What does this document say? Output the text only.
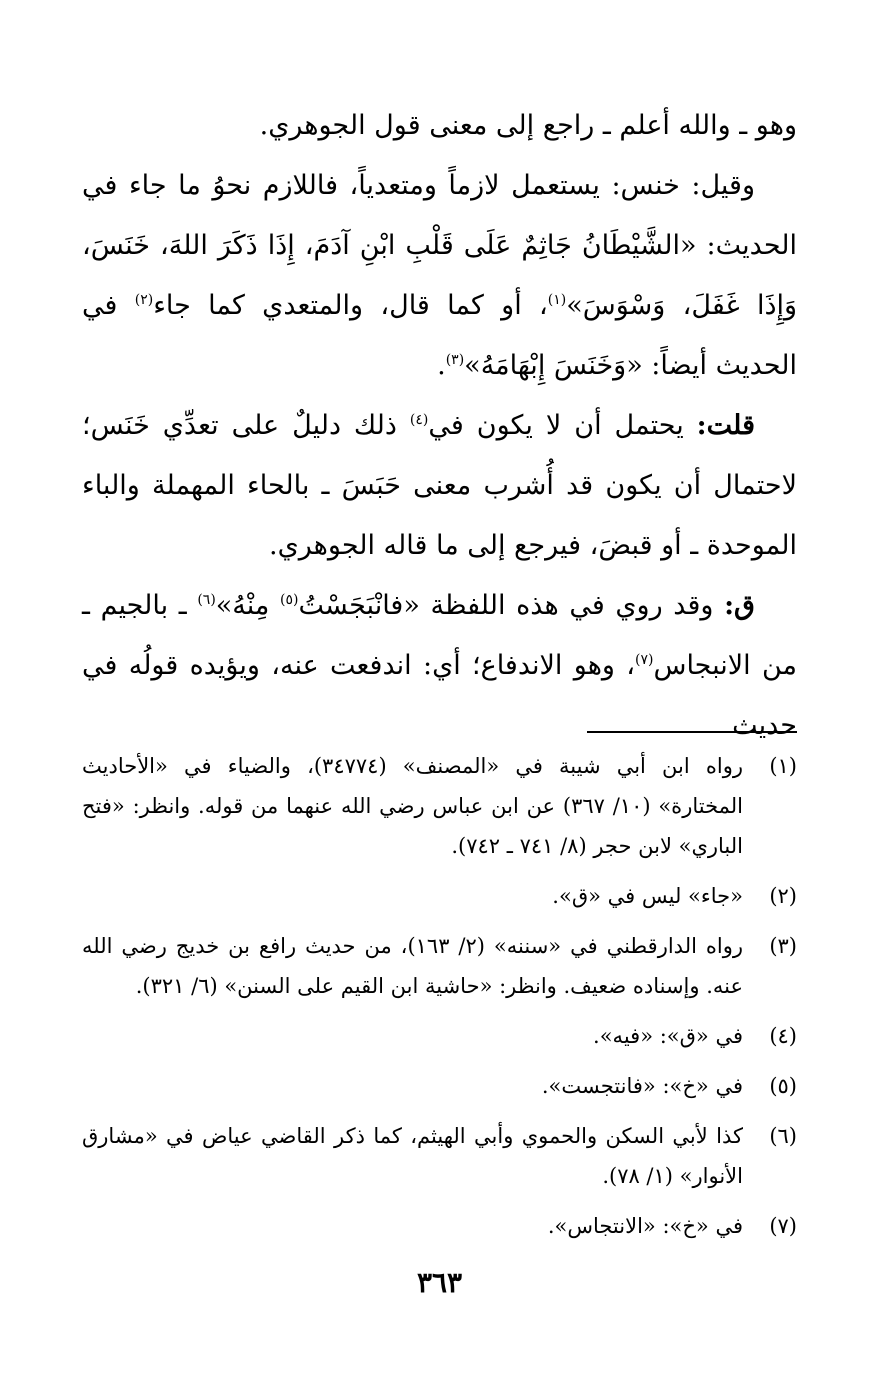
وهو ـ والله أعلم ـ راجع إلى معنى قول الجوهري.

وقيل: خنس: يستعمل لازماً ومتعدياً، فاللازم نحوُ ما جاء في الحديث: «الشَّيْطَانُ جَاثِمٌ عَلَى قَلْبِ ابْنِ آدَمَ، إِذَا ذَكَرَ اللهَ، خَنَسَ، وَإِذَا غَفَلَ، وَسْوَسَ»$^{(١)}$، أو كما قال، والمتعدي كما جاء$^{(٢)}$ في الحديث أيضاً: «وَخَنَسَ إِبْهَامَهُ»$^{(٣)}$.

قلت: يحتمل أن لا يكون في$^{(٤)}$ ذلك دليلٌ على تعدِّي خَنَس؛ لاحتمال أن يكون قد أُشرب معنى حَبَسَ ـ بالحاء المهملة والباء الموحدة ـ أو قبضَ، فيرجع إلى ما قاله الجوهري.

ق: وقد روي في هذه اللفظة «فانْبَجَسْتُ$^{(٥)}$ مِنْهُ»$^{(٦)}$ ـ بالجيم ـ من الانبجاس$^{(٧)}$، وهو الاندفاع؛ أي: اندفعت عنه، ويؤيده قولُه في حديث

(١)
رواه ابن أبي شيبة في «المصنف» (٣٤٧٧٤)، والضياء في «الأحاديث المختارة» (١٠/ ٣٦٧) عن ابن عباس رضي الله عنهما من قوله. وانظر: «فتح الباري» لابن حجر (٨/ ٧٤١ ـ ٧٤٢).
(٢)
«جاء» ليس في «ق».
(٣)
رواه الدارقطني في «سننه» (٢/ ١٦٣)، من حديث رافع بن خديج رضي الله عنه. وإسناده ضعيف. وانظر: «حاشية ابن القيم على السنن» (٦/ ٣٢١).
(٤)
في «ق»: «فيه».
(٥)
في «خ»: «فانتجست».
(٦)
كذا لأبي السكن والحموي وأبي الهيثم، كما ذكر القاضي عياض في «مشارق الأنوار» (١/ ٧٨).
(٧)
في «خ»: «الانتجاس».
٣٦٣
